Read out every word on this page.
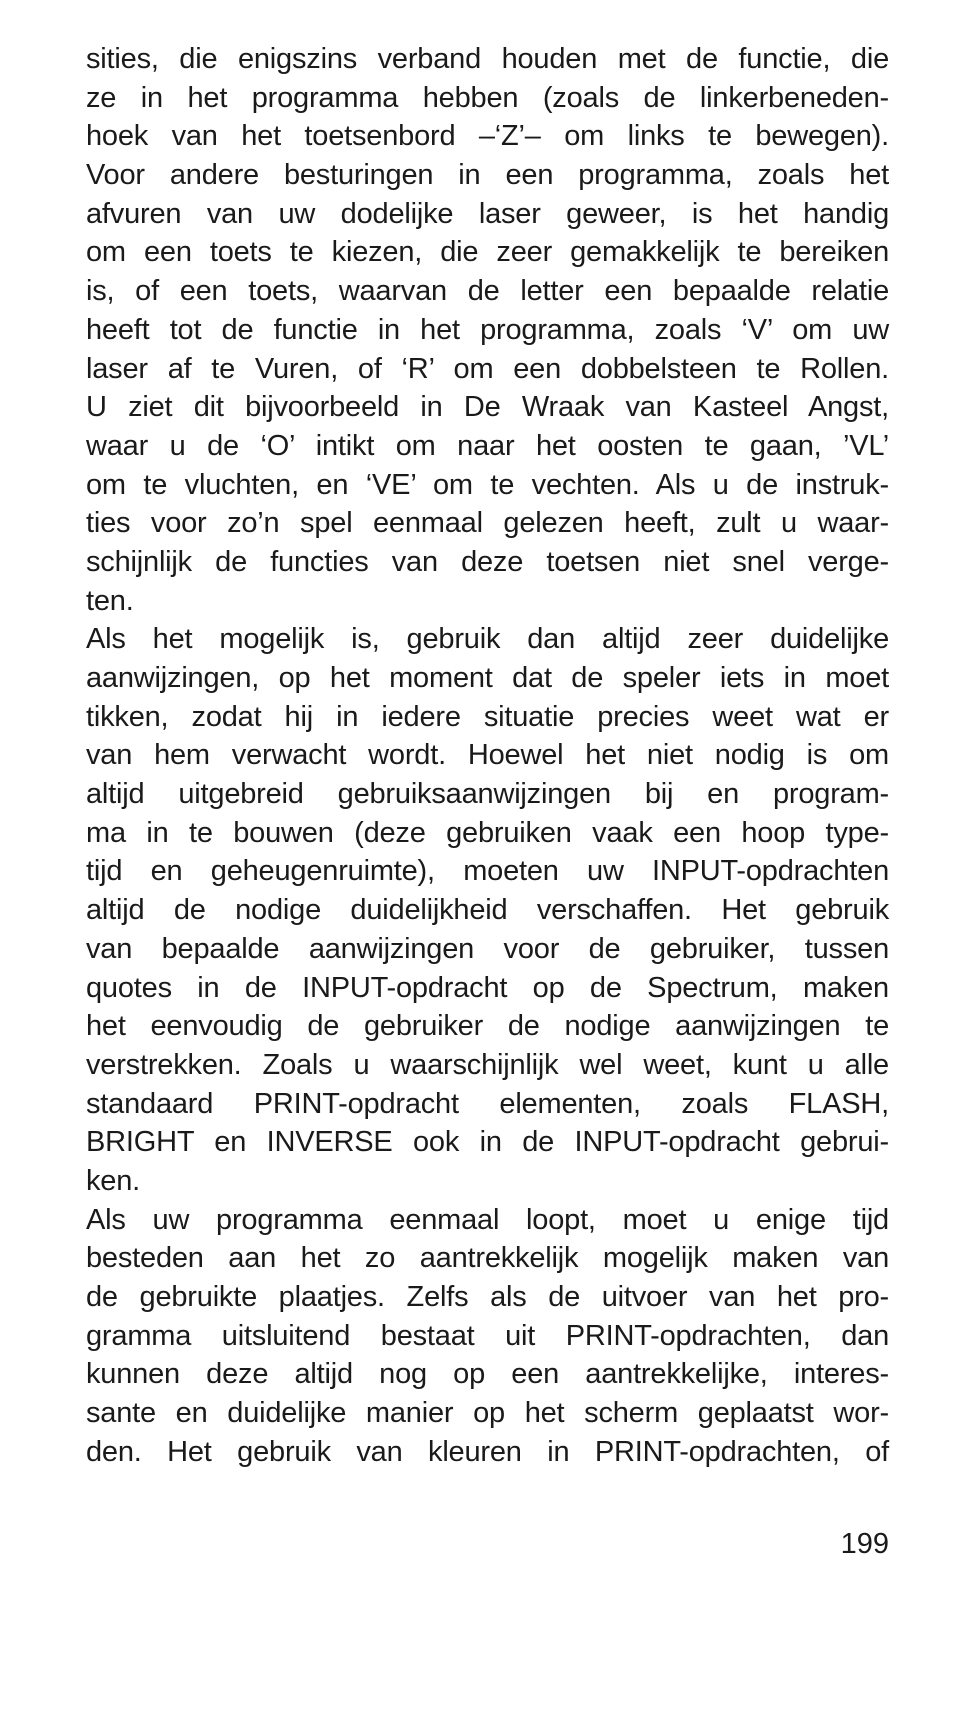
sities, die enigszins verband houden met de functie, die
ze in het programma hebben (zoals de linkerbeneden-
hoek van het toetsenbord –‘Z’– om links te bewegen).
Voor andere besturingen in een programma, zoals het
afvuren van uw dodelijke laser geweer, is het handig
om een toets te kiezen, die zeer gemakkelijk te bereiken
is, of een toets, waarvan de letter een bepaalde relatie
heeft tot de functie in het programma, zoals ‘V’ om uw
laser af te Vuren, of ‘R’ om een dobbelsteen te Rollen.
U ziet dit bijvoorbeeld in De Wraak van Kasteel Angst,
waar u de ‘O’ intikt om naar het oosten te gaan, ’VL’
om te vluchten, en ‘VE’ om te vechten. Als u de instruk-
ties voor zo’n spel eenmaal gelezen heeft, zult u waar-
schijnlijk de functies van deze toetsen niet snel verge-
ten.
Als het mogelijk is, gebruik dan altijd zeer duidelijke
aanwijzingen, op het moment dat de speler iets in moet
tikken, zodat hij in iedere situatie precies weet wat er
van hem verwacht wordt. Hoewel het niet nodig is om
altijd uitgebreid gebruiksaanwijzingen bij en program-
ma in te bouwen (deze gebruiken vaak een hoop type-
tijd en geheugenruimte), moeten uw INPUT-opdrachten
altijd de nodige duidelijkheid verschaffen. Het gebruik
van bepaalde aanwijzingen voor de gebruiker, tussen
quotes in de INPUT-opdracht op de Spectrum, maken
het eenvoudig de gebruiker de nodige aanwijzingen te
verstrekken. Zoals u waarschijnlijk wel weet, kunt u alle
standaard PRINT-opdracht elementen, zoals FLASH,
BRIGHT en INVERSE ook in de INPUT-opdracht gebrui-
ken.
Als uw programma eenmaal loopt, moet u enige tijd
besteden aan het zo aantrekkelijk mogelijk maken van
de gebruikte plaatjes. Zelfs als de uitvoer van het pro-
gramma uitsluitend bestaat uit PRINT-opdrachten, dan
kunnen deze altijd nog op een aantrekkelijke, interes-
sante en duidelijke manier op het scherm geplaatst wor-
den. Het gebruik van kleuren in PRINT-opdrachten, of
199
